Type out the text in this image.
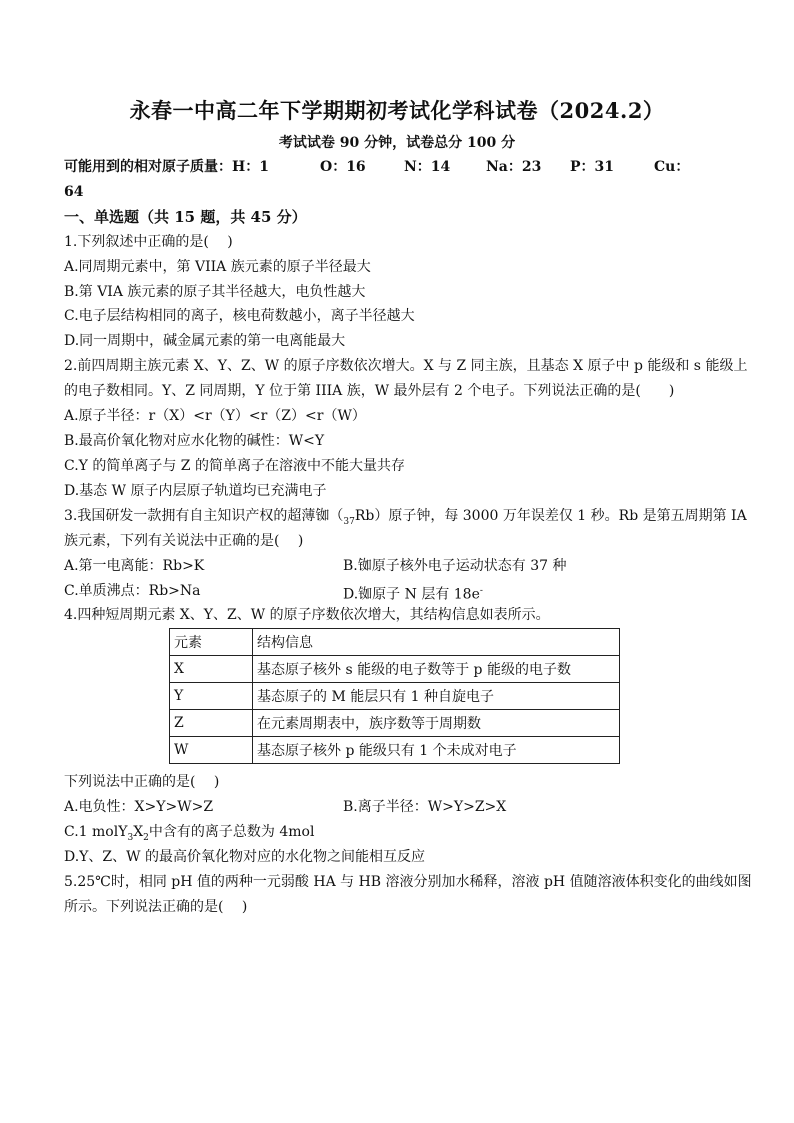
永春一中高二年下学期期初考试化学科试卷（2024.2）
考试试卷 90 分钟，试卷总分 100 分
可能用到的相对原子质量：H：1	O：16	N：14	Na：23 P：31	Cu：
64
一、单选题（共 15 题，共 45 分）
1.下列叙述中正确的是(　 )
A.同周期元素中，第 VIIA 族元素的原子半径最大
B.第 VIA 族元素的原子其半径越大，电负性越大
C.电子层结构相同的离子，核电荷数越小，离子半径越大
D.同一周期中，碱金属元素的第一电离能最大
2.前四周期主族元素 X、Y、Z、W 的原子序数依次增大。X 与 Z 同主族，且基态 X 原子中 p 能级和 s 能级上
的电子数相同。Y、Z 同周期，Y 位于第 IIIA 族，W 最外层有 2 个电子。下列说法正确的是(　　)
A.原子半径：r（X）<r（Y）<r（Z）<r（W）
B.最高价氧化物对应水化物的碱性：W<Y
C.Y 的简单离子与 Z 的简单离子在溶液中不能大量共存
D.基态 W 原子内层原子轨道均已充满电子
3.我国研发一款拥有自主知识产权的超薄铷$(_{37}Rb)$原子钟，每 3000 万年误差仅 1 秒。Rb 是第五周期第 IA
族元素，下列有关说法中正确的是(　 )
A.第一电离能：Rb>K	B.铷原子核外电子运动状态有 37 种
C.单质沸点：Rb>Na	D.铷原子 N 层有 18e-
4.四种短周期元素 X、Y、Z、W 的原子序数依次增大，其结构信息如表所示。
元素	结构信息
X	基态原子核外 s 能级的电子数等于 p 能级的电子数
Y	基态原子的 M 能层只有 1 种自旋电子
Z	在元素周期表中，族序数等于周期数
W	基态原子核外 p 能级只有 1 个未成对电子
下列说法中正确的是(　 )
A.电负性：X>Y>W>Z	B.离子半径：W>Y>Z>X
C.1 $molY_3X_2$中含有的离子总数为 4mol
D.Y、Z、W 的最高价氧化物对应的水化物之间能相互反应
5.25℃时，相同 pH 值的两种一元弱酸 HA 与 HB 溶液分别加水稀释，溶液 pH 值随溶液体积变化的曲线如图
所示。下列说法正确的是(　 )
